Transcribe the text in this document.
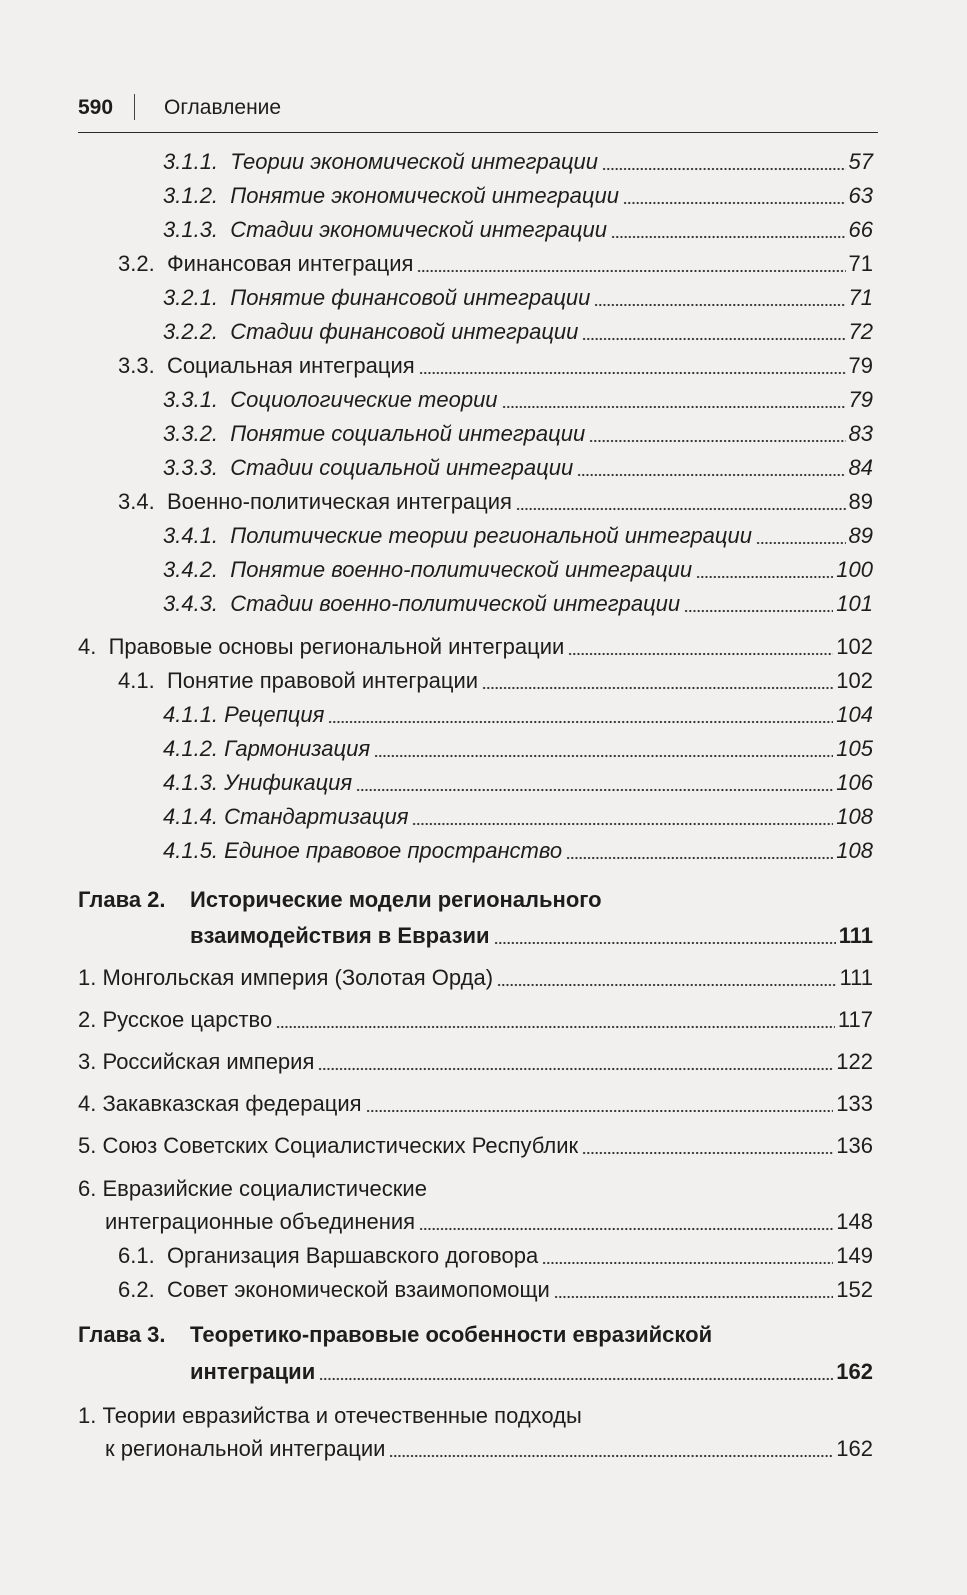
590 Оглавление
3.1.1. Теории экономической интеграции	57
3.1.2. Понятие экономической интеграции	63
3.1.3. Стадии экономической интеграции	66
3.2. Финансовая интеграция	71
3.2.1. Понятие финансовой интеграции	71
3.2.2. Стадии финансовой интеграции	72
3.3. Социальная интеграция	79
3.3.1. Социологические теории	79
3.3.2. Понятие социальной интеграции	83
3.3.3. Стадии социальной интеграции	84
3.4. Военно-политическая интеграция	89
3.4.1. Политические теории региональной интеграции	89
3.4.2. Понятие военно-политической интеграции	100
3.4.3. Стадии военно-политической интеграции	101
4. Правовые основы региональной интеграции	102
4.1. Понятие правовой интеграции	102
4.1.1. Рецепция	104
4.1.2. Гармонизация	105
4.1.3. Унификация	106
4.1.4. Стандартизация	108
4.1.5. Единое правовое пространство	108
Глава 2. Исторические модели регионального
взаимодействия в Евразии	111
1. Монгольская империя (Золотая Орда)	111
2. Русское царство	117
3. Российская империя	122
4. Закавказская федерация	133
5. Союз Советских Социалистических Республик	136
6. Евразийские социалистические
интеграционные объединения	148
6.1. Организация Варшавского договора	149
6.2. Совет экономической взаимопомощи	152
Глава 3. Теоретико-правовые особенности евразийской
интеграции	162
1. Теории евразийства и отечественные подходы
к региональной интеграции	162
